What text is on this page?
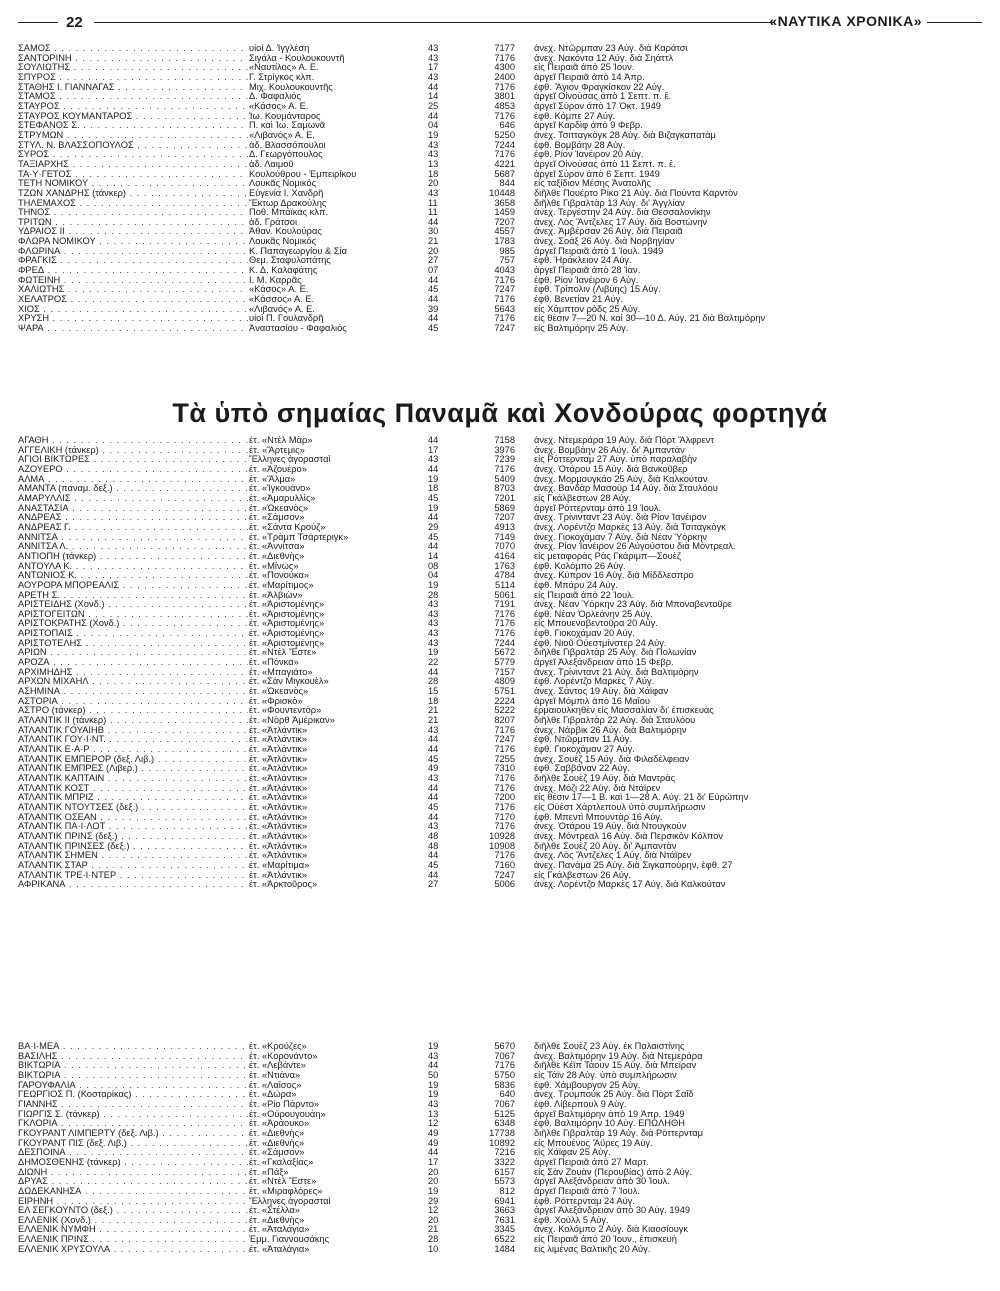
22	«ΝΑΥΤΙΚΑ ΧΡΟΝΙΚΑ»
ΣΑΜΟΣ . . .	υἱοὶ Δ. Ἰγγλέση	43	7177 ἀνεχ. Ντῶρμπαν 23 Αὐγ. διὰ Καράτσι
ΣΑΝΤΟΡΙΝΗ . . .	Σιγάλα - Κουλουκουντῆ	43	7176 ἀνεχ. Νακόντα 12 Αὐγ. διὰ Σηάττλ
ΣΟΥΛΙΩΤΗΣ . . .	«Ναυτίλος» Α. Ε.	17	4300 εἰς Πειραιᾶ ἀπὸ 25 Ἰουν.
ΣΠΥΡΟΣ . . .	Γ. Στρίγκος κλπ.	43	2400 ἀργεῖ Πειραιᾶ ἀπὸ 14 Ἀπρ.
ΣΤΑΘΗΣ Ι. ΓΙΑΝΝΑΓΑΣ . . .	Μιχ. Κουλουκουντῆς	44	7176 ἐφθ. Ἅγιον Φραγκίσκον 22 Αὐγ.
ΣΤΑΜΟΣ . . .	Δ. Φαφαλιός	14	3801 ἀργεῖ Οἰνούσας ἀπὸ 1 Σεπτ. π. ἔ.
ΣΤΑΥΡΟΣ . . .	«Κάσος» Α. Ε.	25	4853 ἀργεῖ Σύρον ἀπὸ 17 Ὀκτ. 1949
ΣΤΑΥΡΟΣ ΚΟΥΜΑΝΤΑΡΟΣ . . .	Ἰω. Κουμάνταρος	44	7176 ἐφθ. Κόμπε 27 Αὐγ.
ΣΤΕΦΑΝΟΣ Σ. . . .	Π. καὶ Ἰω. Σαμωνᾶ	04	646 ἀργεῖ Καρδὶφ ἀπὸ 9 Φεβρ.
ΣΤΡΥΜΩΝ . . .	«Λιβανός» Α. Ε.	19	5250 ἀνεχ. Τσιτταγκὸγκ 28 Αὐγ. διὰ Βιζαγκαπατὰμ
ΣΤΥΛ. Ν. ΒΛΑΣΣΟΠΟΥΛΟΣ . . .	ἀδ. Βλασσόπουλοι	43	7244 ἐφθ. Βομβάην 28 Αὐγ.
ΣΥΡΟΣ . . .	Δ. Γεωργόπουλος	43	7176 ἐφθ. Ρίον Ἰανέιρον 20 Αὐγ.
ΤΑΞΙΑΡΧΗΣ . . .	ἀδ. Λαιμοῦ	13	4221 ἀργεῖ Οἰνούσας ἀπὸ 11 Σεπτ. π. ἔ.
ΤΑ·Υ·ΓΕΤΟΣ . . .	Κουλούθρου - Ἐμπειρίκου	18	5687 ἀργεῖ Σύρον ἀπὸ 6 Σεπτ. 1949
ΤΕΤΗ ΝΟΜΙΚΟΥ . . .	Λουκᾶς Νομικός	20	844 εἰς ταξίδιον Μέσης Ἀνατολῆς
ΤΖΩΝ ΧΑΝΔΡΗΣ (τάνκερ) . . .	Εὐγενία Ι. Χανδρῆ	43	10448 διῆλθε Πουέρτο Ρίκο 21 Αὐγ. διὰ Πούντα Καρντὸν
ΤΗΛΕΜΑΧΟΣ . . .	Ἕκτωρ Δρακούλης	11	3658 διῆλθε Γιβραλτὰρ 13 Αὐγ. δι' Ἀγγλίαν
ΤΗΝΟΣ . . .	Ποθ. Μπάϊκας κλπ.	11	1459 ἀνεχ. Τεργέστην 24 Αὐγ. διὰ Θεσσαλονίκην
ΤΡΙΤΩΝ . . .	ἀδ. Γράτσοι	44	7207 ἀνεχ. Λὸς Ἄντζελες 17 Αὐγ. διὰ Βοστώνην
ΥΔΡΑΙΟΣ ΙΙ . . .	Ἀθαν. Κουλούρας	30	4557 ἀνεχ. Ἀμβέρσαν 26 Αὐγ. διὰ Πειραιᾶ
ΦΛΩΡΑ ΝΟΜΙΚΟΥ . . .	Λουκᾶς Νομικός	21	1783 ἀνεχ. Σοὰξ 26 Αὐγ. διὰ Νορβηγίαν
ΦΛΩΡΙΝΑ . . .	Κ. Παπαγεωργίου & Σία	20	985 ἀργεῖ Πειραιᾶ ἀπὸ 1 Ἰουλ. 1949
ΦΡΑΓΚΙΣ . . .	Θεμ. Σταφυλοπάτης	27	757 ἐφθ. Ἡράκλειον 24 Αὐγ.
ΦΡΕΔ . . .	Κ. Δ. Καλαφάτης	07	4043 ἀργεῖ Πειραιᾶ ἀπὸ 28 Ἰαν.
ΦΩΤΕΙΝΗ . . .	Ι. Μ. Καρρᾶς	44	7176 ἐφθ. Ρίον Ἰανέιρον 6 Αὐγ.
ΧΑΛΙΩΤΗΣ . . .	«Κάσος» Α. Ε.	45	7247 ἐφθ. Τρίπολιν (Λιβύης) 15 Αὐγ.
ΧΕΛΑΤΡΟΣ . . .	«Κάσσος» Α. Ε.	44	7176 ἐφθ. Βενετίαν 21 Αὐγ.
ΧΙΟΣ . . .	«Λιβανός» Α. Ε.	39	5643 εἰς Χάμπτον ρὸδς 25 Αὐγ.
ΧΡΥΣΗ . . .	υἱοὶ Π. Γουλανδρῆ	44	7176 εἰς θέσιν 7—20 Ν. καὶ 30—10 Δ. Αὐγ. 21 διὰ Βαλτιμόρην
ΨΑΡΑ . . .	Ἀναστασίου - Φαφαλιός	45	7247 εἰς Βαλτιμόρην 25 Αὐγ.
Τὰ ὑπὸ σημαίας Παναμᾶ καὶ Χονδούρας φορτηγά
ΑΓΑΘΗ . . .	ἑτ. «Ντὲλ Μὰρ»	44	7158 ἀνεχ. Ντεμεράρα 19 Αὐγ. διὰ Πὸρτ Ἄλφρεντ
ΑΓΓΕΛΙΚΗ (τάνκερ) . . .	ἑτ. «Ἄρτεμις»	17	3976 ἀνεχ. Βομβάην 26 Αὐγ. δι' Ἀμπαντὰν
ΑΓΙΟΙ ΒΙΚΤΩΡΕΣ . . .	Ἕλληνες ἀγορασταὶ	43	7239 εἰς Ρόττερνταμ 27 Αὐγ. ὑπὸ παραλαβὴν
ΑΖΟΥΕΡΟ . . .	ἑτ. «Ἀζουέρο»	44	7176 ἀνεχ. Ὀτάρου 15 Αὐγ. διὰ Βανκοῦβερ
ΑΛΜΑ . . .	ἑτ. «Ἄλμα»	19	5409 ἀνεχ. Μορμουγκάο 25 Αὐγ. διὰ Καλκούταν
ΑΜΑΝΤΑ (παναμ. δεξ.) . . .	ἑτ. «Ἰγκουάνο»	18	8703 ἀνεχ. Βανδὰρ Μασοὺρ 14 Αὐγ. διὰ Σταυλόου
ΑΜΑΡΥΛΛΙΣ . . .	ἑτ. «Ἀμαρυλλὶς»	45	7201 εἰς Γκάλβεστων 28 Αὐγ.
ΑΝΑΣΤΑΣΙΑ . . .	ἑτ. «Ὠκεανὸς»	19	5869 ἀργεῖ Ρόττερνταμ ἀπὸ 19 Ἰουλ.
ΑΝΔΡΕΑΣ . . .	ἑτ. «Σάμσον»	44	7207 ἀνεχ. Τρίνινταντ 23 Αὐγ. διὰ Ρίον Ἰανέιρον
ΑΝΔΡΕΑΣ Γ. . . .	ἑτ. «Σάντα Κρούζ»	29	4913 ἀνεχ. Λορέντζο Μαρκὲς 13 Αὐγ. διὰ Τσιταγκὸγκ
ΑΝΝΙΤΣΑ . . .	ἑτ. «Τρὰμπ Τσάρτεριγκ»	45	7149 ἀνεχ. Γιοκοχάμαν 7 Αὐγ. διὰ Νέαν Ὑόρκην
ΑΝΝΙΤΣΑ Λ. . . .	ἑτ. «Ἀννίτσα»	44	7070 ἀνεχ. Ρίον Ἰανέιρον 26 Αὐγούστου διὰ Μόντρεαλ.
ΑΝΤΙΟΠΗ (τάνκερ) . . .	ἑτ. «Διεθνὴς»	14	4164 εἰς μεταφορὰς Ρὰς Γκάριμπ—Σουὲζ
ΑΝΤΟΥΛΑ Κ. . . .	ἑτ. «Μίνως»	08	1763 ἐφθ. Κολόμπο 26 Αὐγ.
ΑΝΤΩΝΙΟΣ Κ. . . .	ἑτ. «Πονούκα»	04	4784 ἀνεχ. Κύπρον 16 Αὐγ. διὰ Μίδδλεσπρο
ΑΟΥΡΟΡΑ ΜΠΟΡΕΑΛΙΣ . . .	ἑτ. «Μαρίτιμος»	19	5114 ἐφθ. Μπάρυ 24 Αὐγ.
ΑΡΕΤΗ Σ. . . .	ἑτ. «Ἀλβιὼν»	28	5061 εἰς Πειραιᾶ ἀπὸ 22 Ἰουλ.
ΑΡΙΣΤΕΙΔΗΣ (Χονδ.) . . .	ἑτ. «Ἀριστομένης»	43	7191 ἀνεχ. Νέαν Ὑόρκην 23 Αὐγ. διὰ Μποναβεντοῦρε
ΑΡΙΣΤΟΓΕΙΤΩΝ . . .	ἑτ. «Ἀριστομένης»	43	7176 ἐφθ. Νέαν Ὀρλεάνην 25 Αὐγ.
ΑΡΙΣΤΟΚΡΑΤΗΣ (Χονδ.) . . .	ἑτ. «Ἀριστομένης»	43	7176 εἰς Μπουεναβεντοῦρα 20 Αὐγ.
ΑΡΙΣΤΟΠΑΙΣ . . .	ἑτ. «Ἀριστομένης»	43	7176 ἐφθ. Γιοκοχάμαν 20 Αὐγ.
ΑΡΙΣΤΟΤΕΛΗΣ . . .	ἑτ. «Ἀριστομένης»	43	7244 ἐφθ. Νιοῦ Οὐεστμίνστερ 24 Αὐγ.
ΑΡΙΩΝ . . .	ἑτ. «Ντὲλ Ἔστε»	19	5672 διῆλθε Γιβραλτὰρ 25 Αὐγ. διὰ Πολωνίαν
ΑΡΟΖΑ . . .	ἑτ. «Πόνκα»	22	5779 ἀργεῖ Ἀλεξάνδρειαν ἀπὸ 15 Φεβρ.
ΑΡΧΙΜΗΔΗΣ . . .	ἑτ. «Μπαγιάτο»	44	7157 ἀνεχ. Τρίνινταντ 21 Αὐγ. διὰ Βαλτιμόρην
ΑΡΧΩΝ ΜΙΧΑΗΛ . . .	ἑτ. «Σὰν Μιγκουὲλ»	28	4809 ἐφθ. Λορέντζο Μαρκὲς 7 Αὐγ.
ΑΣΗΜΙΝΑ . . .	ἑτ. «Ὠκεανὸς»	15	5751 ἀνεχ. Σάντος 19 Αὐγ. διὰ Χάϊφαν
ΑΣΤΟΡΙΑ . . .	ἑτ. «Φρισκὸ»	18	2224 ἀργεῖ Μόμπιλ ἀπὸ 16 Μαΐου
ΑΣΤΡΟ (τάνκερ) . . .	ἑτ. «Φουντεντὸρ»	21	5222 ἐρμαιουλκηθὲν εἰς Μασσαλίαν δι' ἐπισκευὰς
ΑΤΛΑΝΤΙΚ ΙΙ (τάνκερ) . . .	ἑτ. «Νὸρθ Ἀμέρικαν»	21	8207 διῆλθε Γιβραλτὰρ 22 Αὐγ. διὰ Σταυλόου
ΑΤΛΑΝΤΙΚ ΓΟΥΑΙΗΒ . . .	ἑτ. «Ἀτλάντικ»	43	7176 ἀνεχ. Νάρβικ 26 Αὐγ. διὰ Βαλτιμόρην
ΑΤΛΑΝΤΙΚ ΓΟΥ·Ι·ΝΤ. . . .	ἑτ. «Ἀτλάντικ»	44	7247 ἐφθ. Ντῶρμπαν 11 Αὐγ.
ΑΤΛΑΝΤΙΚ Ε·Α·Ρ . . .	ἑτ. «Ἀτλάντικ»	44	7176 ἐφθ. Γιοκοχάμαν 27 Αὐγ.
ΑΤΛΑΝΤΙΚ ΕΜΠΕΡΟΡ (δεξ. Λιβ.) . . .	ἑτ. «Ἀτλάντικ»	45	7255 ἀνεχ. Σουὲζ 15 Αὐγ. διὰ Φιλαδέλφειαν
ΑΤΛΑΝΤΙΚ ΕΜΠΡΕΣ (Λιβερ.) . . .	ἑτ. «Ἀτλάντικ»	49	7310 ἐφθ. Σαββάναν 22 Αὐγ.
ΑΤΛΑΝΤΙΚ ΚΑΠΤΑΙΝ . . .	ἑτ. «Ἀτλάντικ»	43	7176 διῆλθε Σουὲζ 19 Αὐγ. διὰ Μαντρὰς
ΑΤΛΑΝΤΙΚ ΚΟΣΤ . . .	ἑτ. «Ἀτλάντικ»	44	7176 ἀνεχ. Μόζι 22 Αὐγ. διὰ Ντάϊρεν
ΑΤΛΑΝΤΙΚ ΜΠΡΙΖ . . .	ἑτ. «Ἀτλάντικ»	44	7200 εἰς θέσιν 17—1 Β. καὶ 1—28 Α. Αὐγ. 21 δι' Εὐρώπην
ΑΤΛΑΝΤΙΚ ΝΤΟΥΤΣΕΣ (δεξ.) . . .	ἑτ. «Ἀτλάντικ»	45	7176 εἰς Οὐέστ Χάρτλεπουλ ὑπὸ συμπλήρωσιν
ΑΤΛΑΝΤΙΚ ΟΣΕΑΝ . . .	ἑτ. «Ἀτλάντικ»	44	7170 ἐφθ. Μπεντὶ Μπουντὰρ 16 Αὐγ.
ΑΤΛΑΝΤΙΚ ΠΑ·Ι·ΛΟΤ . . .	ἑτ. «Ἀτλάντικ»	43	7176 ἀνεχ. Ὀτάρου 19 Αὐγ. διὰ Ντουγκούν
ΑΤΛΑΝΤΙΚ ΠΡΙΝΣ (δεξ.) . . .	ἑτ. «Ἀτλάντικ»	48	10928 ἀνεχ. Μόντρεαλ 16 Αὐγ. διὰ Περσικὸν Κόλπον
ΑΤΛΑΝΤΙΚ ΠΡΙΝΣΕΣ (δεξ.) . . .	ἑτ. «Ἀτλάντικ»	48	10908 διῆλθε Σουὲζ 20 Αὐγ. δι' Ἀμπαντὰν
ΑΤΛΑΝΤΙΚ ΣΗΜΕΝ . . .	ἑτ. «Ἀτλάντικ»	44	7176 ἀνεχ. Λὸς Ἄντζελες 1 Αὐγ. διὰ Ντάϊρεν
ΑΤΛΑΝΤΙΚ ΣΤΑΡ . . .	ἑτ. «Μαρίτιμα»	45	7160 ἀνεχ. Πανάμα 25 Αὐγ. διὰ Σιγκαπούρην, ἐφθ. 27
ΑΤΛΑΝΤΙΚ ΤΡΕ·Ι·ΝΤΕΡ . . .	ἑτ. «Ἀτλάντικ»	44	7247 εἰς Γκάλβεστων 26 Αὐγ.
ΑΦΡΙΚΑΝΑ . . .	ἑτ. «Ἀρκτοῦρος»	27	5006 ἀνεχ. Λορέντζο Μαρκὲς 17 Αὐγ. διὰ Καλκούταν
ΒΑ·Ι·ΜΕΑ . . .	ἑτ. «Κρούζες»	19	5670 διῆλθε Σουὲζ 23 Αὐγ. ἐκ Παλαιστίνης
ΒΑΣΙΛΗΣ . . .	ἑτ. «Κορονάντο»	43	7067 ἀνεχ. Βαλτιμόρην 19 Αὐγ. διὰ Ντεμεράρα
ΒΙΚΤΩΡΙΑ . . .	ἑτ. «Λεβάντε»	44	7176 διῆλθε Κέϊπ Τάουν 15 Αὐγ. διὰ Μπεϊραν
ΒΙΚΤΩΡΙΑ . . .	ἑτ. «Ντιάνα»	50	5750 εἰς Τάϊν 28 Αὐγ. ὑπὸ συμπλήρωσιν
ΓΑΡΟΥΦΑΛΙΑ . . .	ἑτ. «Λαΐσος»	19	5836 ἐφθ. Χάμβουργον 25 Αὐγ.
ΓΕΩΡΓΙΟΣ Π. (Κοσταρίκας) . . .	ἑτ. «Δώρα»	19	640 ἀνεχ. Τρυμπούκ 25 Αὐγ. διὰ Πὸρτ Σαΐδ
ΓΙΑΝΝΗΣ . . .	ἑτ. «Ρίο Πάρντο»	43	7067 ἐφθ. Λίβερπουλ 9 Αὐγ.
ΓΙΩΡΓΙΣ Σ. (τάνκερ) . . .	ἑτ. «Οὐρουγουάη»	13	5125 ἀργεῖ Βαλτιμόρην ἀπὸ 19 Ἀπρ. 1949
ΓΚΛΟΡΙΑ . . .	ἑτ. «Ἀράουκο»	12	6348 ἐφθ. Βαλτιμόρην 10 Αὐγ. ΕΠΩΛΗΘΗ
ΓΚΟΥΡΑΝΤ ΛΙΜΠΕΡΤΥ (δεξ. Λιβ.) . . .	ἑτ. «Διεθνὴς»	49	17738 διῆλθε Γιβραλτὰρ 19 Αὐγ. διὰ Ρόττερνταμ
ΓΚΟΥΡΑΝΤ ΠΙΣ (δεξ. Λιβ.) . . .	ἑτ. «Διεθνὴς»	49	10892 εἰς Μπουένος Ἄϋρες 19 Αὐγ.
ΔΕΣΠΟΙΝΑ . . .	ἑτ. «Σάμσον»	44	7216 εἰς Χάϊφαν 25 Αὐγ.
ΔΗΜΟΣΘΕΝΗΣ (τάνκερ) . . .	ἑτ. «Γκαλαξίας»	17	3322 ἀργεῖ Πειραιᾶ ἀπὸ 27 Μαρτ.
ΔΙΩΝΗ . . .	ἑτ. «Πάξ»	20	6157 εἰς Σὰν Ζουὰν (Περουβίας) ἀπὸ 2 Αὐγ.
ΔΡΥΑΣ . . .	ἑτ. «Ντὲλ Ἔστε»	20	5573 ἀργεῖ Ἀλεξάνδρειαν ἀπὸ 30 Ἰουλ.
ΔΩΔΕΚΑΝΗΣΑ . . .	ἑτ. «Μιραφλόρες»	19	812 ἀργεῖ Πειραιᾶ ἀπὸ 7 Ἰουλ.
ΕΙΡΗΝΗ . . .	Ἕλληνες ἀγορασταὶ	29	6941 ἐφθ. Ρόττερνταμ 24 Αὐγ.
ΕΛ ΣΕΓΚΟΥΝΤΟ (δεξ.) . . .	ἑτ. «Στέλλα»	12	3663 ἀργεῖ Ἀλεξάνδρειαν ἀπὸ 30 Αὐγ. 1949
ΕΛΛΕΝΙΚ (Χονδ.) . . .	ἑτ. «Διεθνὴς»	20	7631 ἐφθ. Χοὺλλ 5 Αὐγ.
ΕΛΛΕΝΙΚ ΝΥΜΦΗ . . .	ἑτ. «Ἀταλάγια»	21	3345 ἀνεχ. Κολόμπο 2 Αὐγ. διὰ Κιαοσίουγκ
ΕΛΛΕΝΙΚ ΠΡΙΝΣ . . .	Ἐμμ. Γιαννουσάκης	28	6522 εἰς Πειραιᾶ ἀπὸ 20 Ἰουν., ἐπισκευὴ
ΕΛΛΕΝΙΚ ΧΡΥΣΟΥΛΑ . . .	ἑτ. «Ἀταλάγια»	10	1484 εἰς λιμένας Βαλτικῆς 20 Αὐγ.
